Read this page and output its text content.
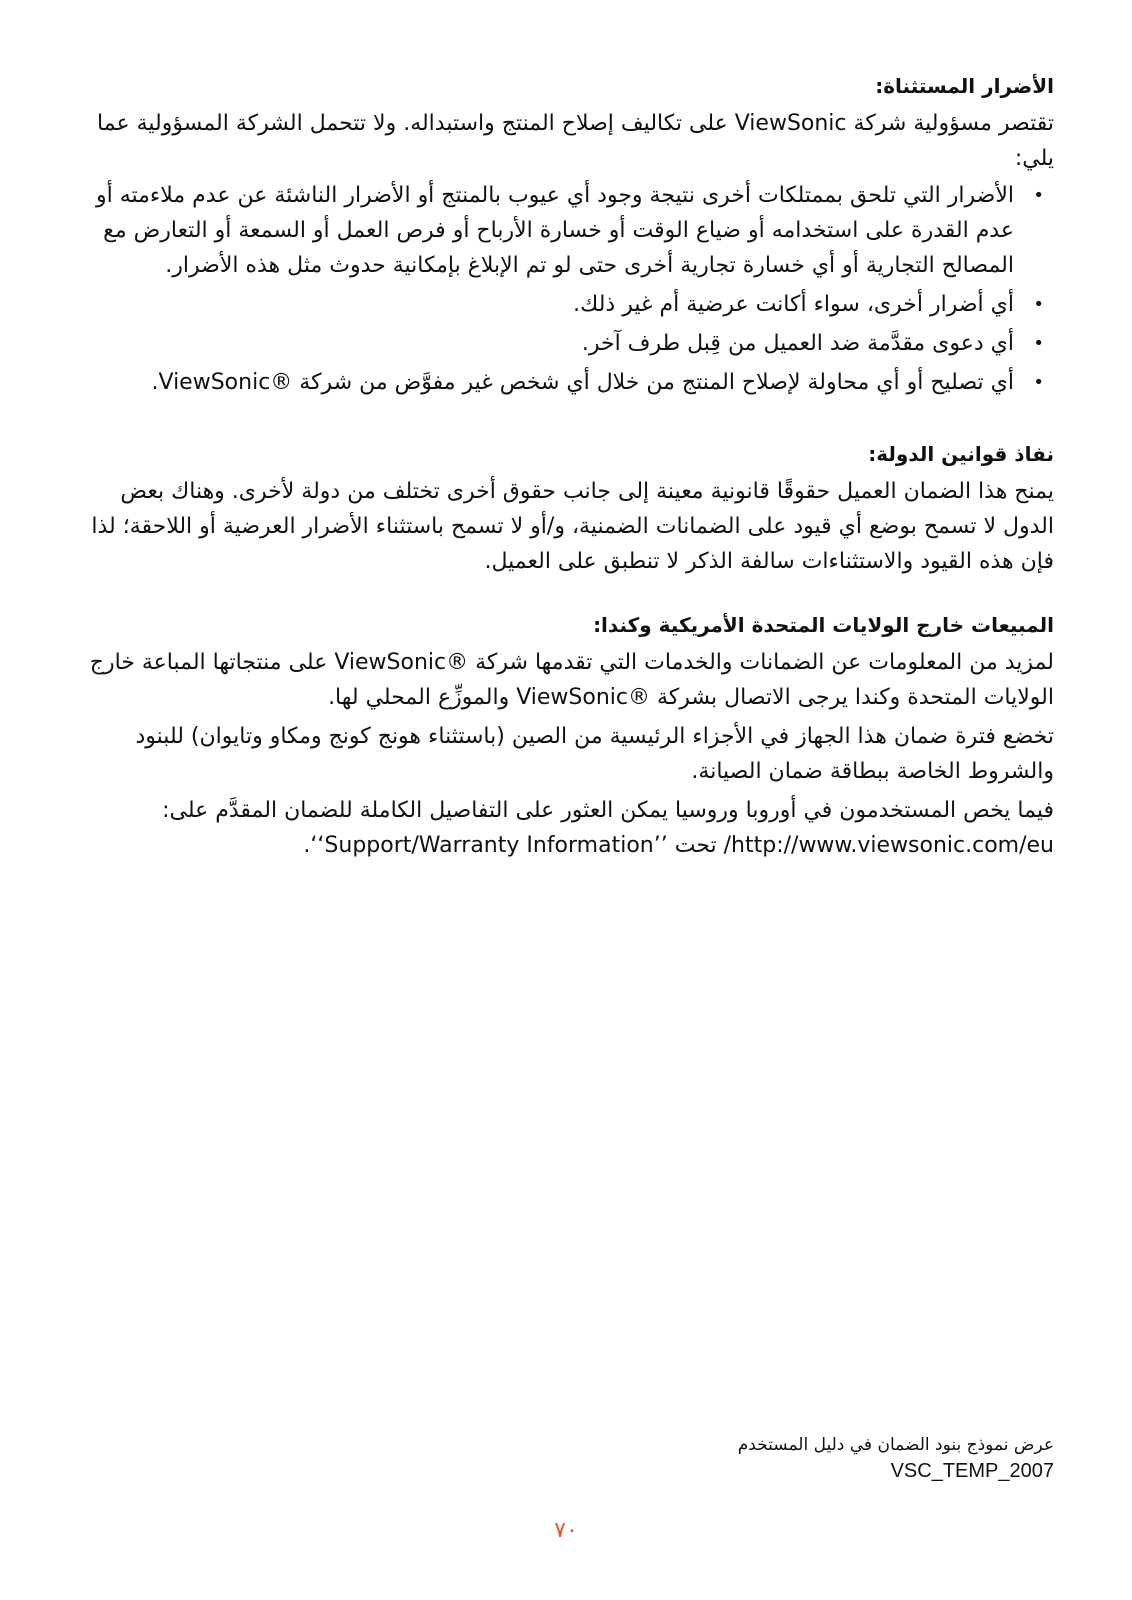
الأضرار المستثناة:

تقتصر مسؤولية شركة ViewSonic على تكاليف إصلاح المنتج واستبداله. ولا تتحمل الشركة المسؤولية عما يلي:

•
الأضرار التي تلحق بممتلكات أخرى نتيجة وجود أي عيوب بالمنتج أو الأضرار الناشئة عن عدم ملاءمته أو عدم القدرة على استخدامه أو ضياع الوقت أو خسارة الأرباح أو فرص العمل أو السمعة أو التعارض مع المصالح التجارية أو أي خسارة تجارية أخرى حتى لو تم الإبلاغ بإمكانية حدوث مثل هذه الأضرار.
•
أي أضرار أخرى، سواء أكانت عرضية أم غير ذلك.
•
أي دعوى مقدَّمة ضد العميل من قِبل طرف آخر.
•
أي تصليح أو أي محاولة لإصلاح المنتج من خلال أي شخص غير مفوَّض من شركة ®ViewSonic.
نفاذ قوانين الدولة:

يمنح هذا الضمان العميل حقوقًا قانونية معينة إلى جانب حقوق أخرى تختلف من دولة لأخرى. وهناك بعض الدول لا تسمح بوضع أي قيود على الضمانات الضمنية، و/أو لا تسمح باستثناء الأضرار العرضية أو اللاحقة؛ لذا فإن هذه القيود والاستثناءات سالفة الذكر لا تنطبق على العميل.

المبيعات خارج الولايات المتحدة الأمريكية وكندا:

لمزيد من المعلومات عن الضمانات والخدمات التي تقدمها شركة ®ViewSonic على منتجاتها المباعة خارج الولايات المتحدة وكندا يرجى الاتصال بشركة ®ViewSonic والموزِّع المحلي لها.

تخضع فترة ضمان هذا الجهاز في الأجزاء الرئيسية من الصين (باستثناء هونج كونج ومكاو وتايوان) للبنود والشروط الخاصة ببطاقة ضمان الصيانة.

فيما يخص المستخدمون في أوروبا وروسيا يمكن العثور على التفاصيل الكاملة للضمان المقدَّم على: http://www.viewsonic.com/eu/ تحت ’’Support/Warranty Information‘‘.

عرض نموذج بنود الضمان في دليل المستخدم
VSC_TEMP_2007
٧٠
